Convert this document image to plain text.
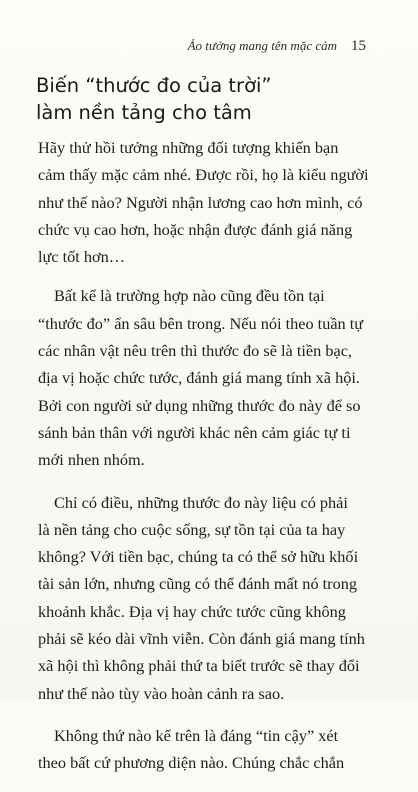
Ảo tưởng mang tên mặc cảm 15
Biến “thước đo của trời”
làm nền tảng cho tâm

Hãy thử hồi tưởng những đối tượng khiến bạn
cảm thấy mặc cảm nhé. Được rồi, họ là kiểu người
như thế nào? Người nhận lương cao hơn mình, có
chức vụ cao hơn, hoặc nhận được đánh giá năng
lực tốt hơn…

Bất kể là trường hợp nào cũng đều tồn tại
“thước đo” ẩn sâu bên trong. Nếu nói theo tuần tự
các nhân vật nêu trên thì thước đo sẽ là tiền bạc,
địa vị hoặc chức tước, đánh giá mang tính xã hội.
Bởi con người sử dụng những thước đo này để so
sánh bản thân với người khác nên cảm giác tự ti
mới nhen nhóm.

Chỉ có điều, những thước đo này liệu có phải
là nền tảng cho cuộc sống, sự tồn tại của ta hay
không? Với tiền bạc, chúng ta có thể sở hữu khối
tài sản lớn, nhưng cũng có thể đánh mất nó trong
khoảnh khắc. Địa vị hay chức tước cũng không
phải sẽ kéo dài vĩnh viễn. Còn đánh giá mang tính
xã hội thì không phải thứ ta biết trước sẽ thay đổi
như thế nào tùy vào hoàn cảnh ra sao.

Không thứ nào kể trên là đáng “tin cậy” xét
theo bất cứ phương diện nào. Chúng chắc chắn
